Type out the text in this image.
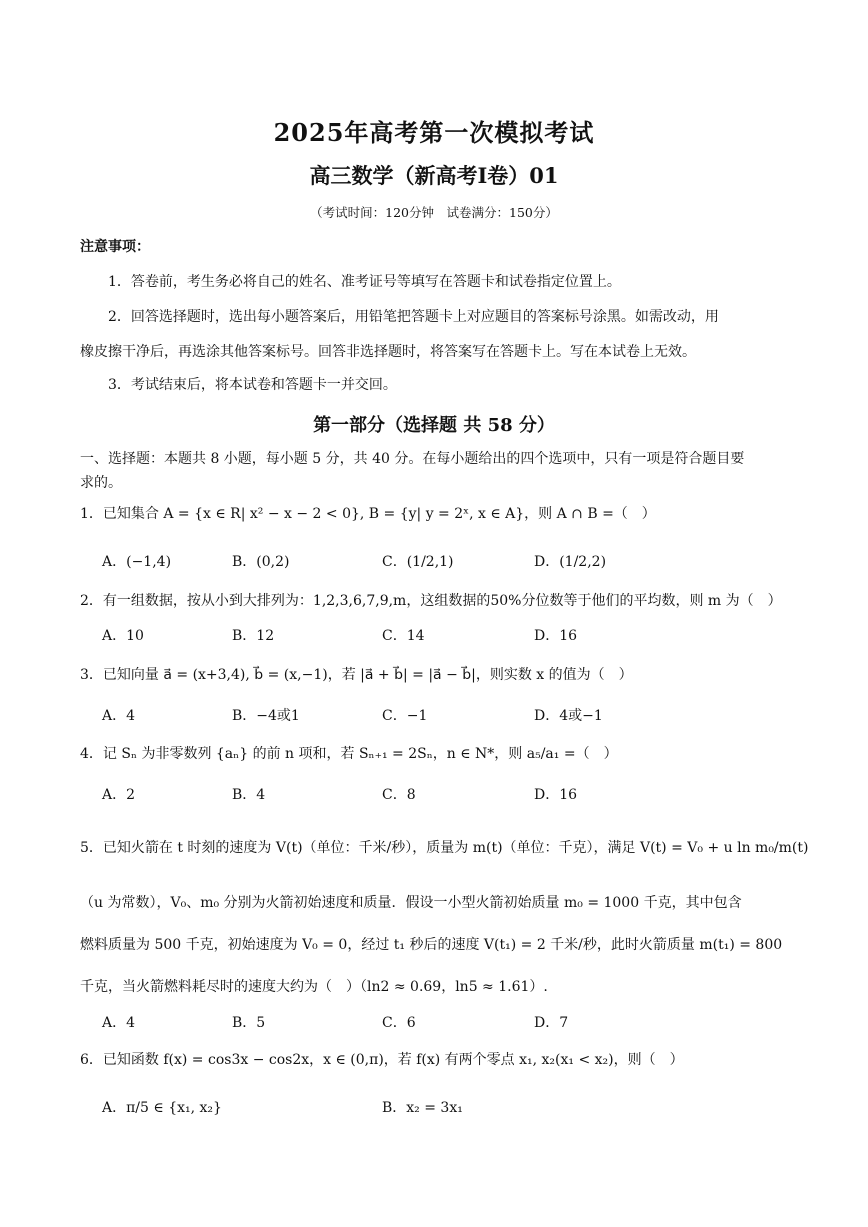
2025年高考第一次模拟考试
高三数学（新高考Ⅰ卷）01
（考试时间：120分钟　试卷满分：150分）
注意事项：
1．答卷前，考生务必将自己的姓名、准考证号等填写在答题卡和试卷指定位置上。
2．回答选择题时，选出每小题答案后，用铅笔把答题卡上对应题目的答案标号涂黑。如需改动，用
橡皮擦干净后，再选涂其他答案标号。回答非选择题时，将答案写在答题卡上。写在本试卷上无效。
3．考试结束后，将本试卷和答题卡一并交回。
第一部分（选择题 共 58 分）
一、选择题：本题共 8 小题，每小题 5 分，共 40 分。在每小题给出的四个选项中，只有一项是符合题目要
求的。
1．已知集合 A = {x ∈ R| x² − x − 2 < 0}, B = {y| y = 2ˣ, x ∈ A}，则 A ∩ B =（　）
A．(−1,4)	B．(0,2)	C．(1/2,1)	D．(1/2,2)
2．有一组数据，按从小到大排列为：1,2,3,6,7,9,m，这组数据的50%分位数等于他们的平均数，则 m 为（　）
A．10	B．12	C．14	D．16
3．已知向量 a⃗ = (x+3,4), b⃗ = (x,−1)，若 |a⃗ + b⃗| = |a⃗ − b⃗|，则实数 x 的值为（　）
A．4	B．−4或1	C．−1	D．4或−1
4．记 Sₙ 为非零数列 {aₙ} 的前 n 项和，若 Sₙ₊₁ = 2Sₙ，n ∈ N*，则 a₅/a₁ =（　）
A．2	B．4	C．8	D．16
5．已知火箭在 t 时刻的速度为 V(t)（单位：千米/秒），质量为 m(t)（单位：千克），满足 V(t) = V₀ + u ln m₀/m(t)
（u 为常数），V₀、m₀ 分别为火箭初始速度和质量．假设一小型火箭初始质量 m₀ = 1000 千克，其中包含
燃料质量为 500 千克，初始速度为 V₀ = 0，经过 t₁ 秒后的速度 V(t₁) = 2 千米/秒，此时火箭质量 m(t₁) = 800
千克，当火箭燃料耗尽时的速度大约为（　）（ln2 ≈ 0.69，ln5 ≈ 1.61）.
A．4	B．5	C．6	D．7
6．已知函数 f(x) = cos3x − cos2x，x ∈ (0,π)，若 f(x) 有两个零点 x₁, x₂(x₁ < x₂)，则（　）
A．π/5 ∈ {x₁, x₂}	B．x₂ = 3x₁
